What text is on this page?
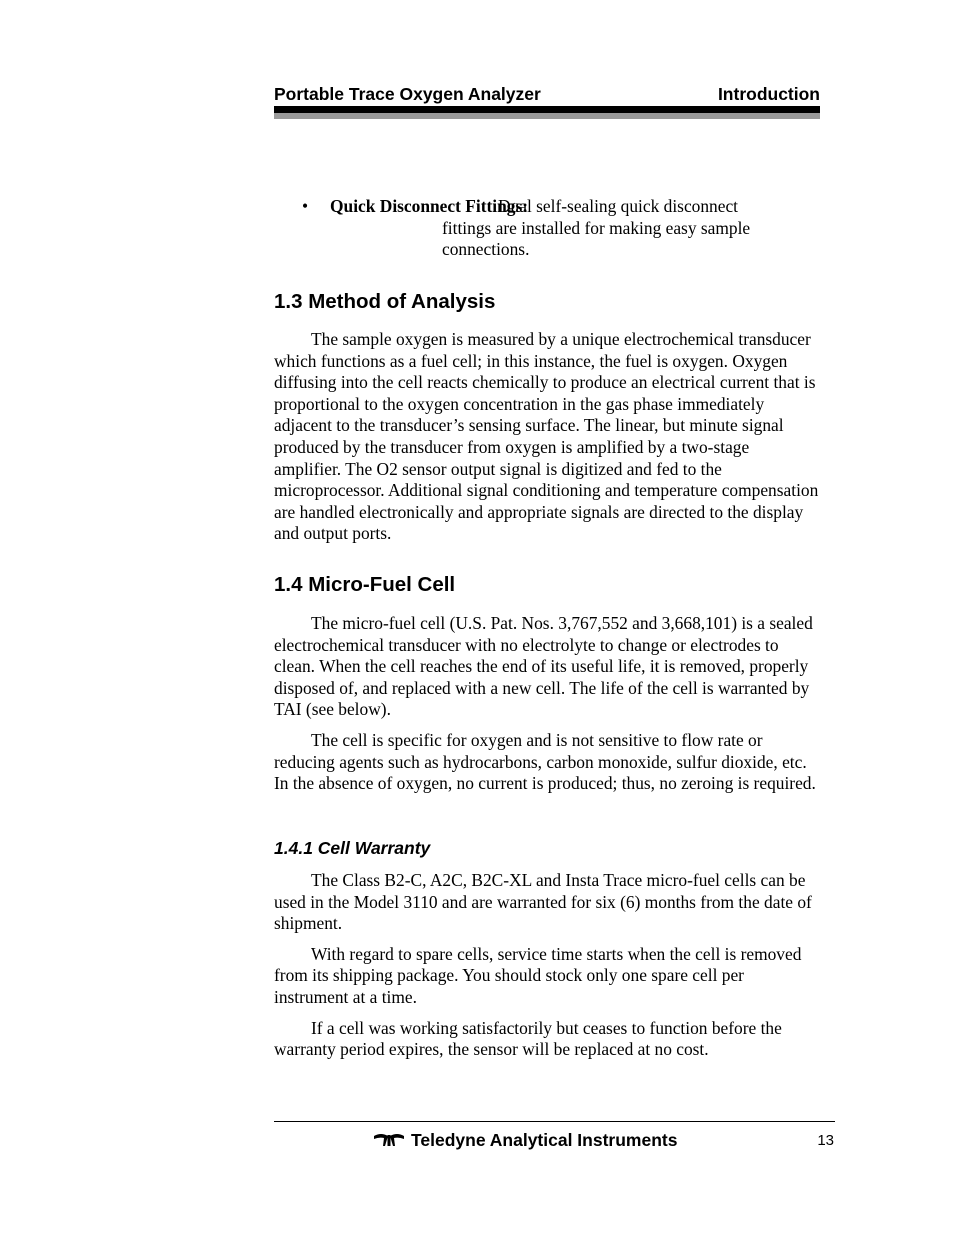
Portable Trace Oxygen Analyzer	Introduction
• Quick Disconnect Fittings:
Dual self-sealing quick disconnect fittings are installed for making easy sample connections.
1.3 Method of Analysis

The sample oxygen is measured by a unique electrochemical transducer which functions as a fuel cell; in this instance, the fuel is oxygen. Oxygen diffusing into the cell reacts chemically to produce an electrical current that is proportional to the oxygen concentration in the gas phase immediately adjacent to the transducer’s sensing surface. The linear, but minute signal produced by the transducer from oxygen is amplified by a two-stage amplifier. The O2 sensor output signal is digitized and fed to the microprocessor. Additional signal conditioning and temperature compensation are handled electronically and appropriate signals are directed to the display and output ports.

1.4 Micro-Fuel Cell

The micro-fuel cell (U.S. Pat. Nos. 3,767,552 and 3,668,101) is a sealed electrochemical transducer with no electrolyte to change or electrodes to clean. When the cell reaches the end of its useful life, it is removed, properly disposed of, and replaced with a new cell. The life of the cell is warranted by TAI (see below).

The cell is specific for oxygen and is not sensitive to flow rate or reducing agents such as hydrocarbons, carbon monoxide, sulfur dioxide, etc. In the absence of oxygen, no current is produced; thus, no zeroing is required.

1.4.1 Cell Warranty

The Class B2-C, A2C, B2C-XL and Insta Trace micro-fuel cells can be used in the Model 3110 and are warranted for six (6) months from the date of shipment.

With regard to spare cells, service time starts when the cell is removed from its shipping package. You should stock only one spare cell per instrument at a time.

If a cell was working satisfactorily but ceases to function before the warranty period expires, the sensor will be replaced at no cost.

Teledyne Analytical Instruments	13
